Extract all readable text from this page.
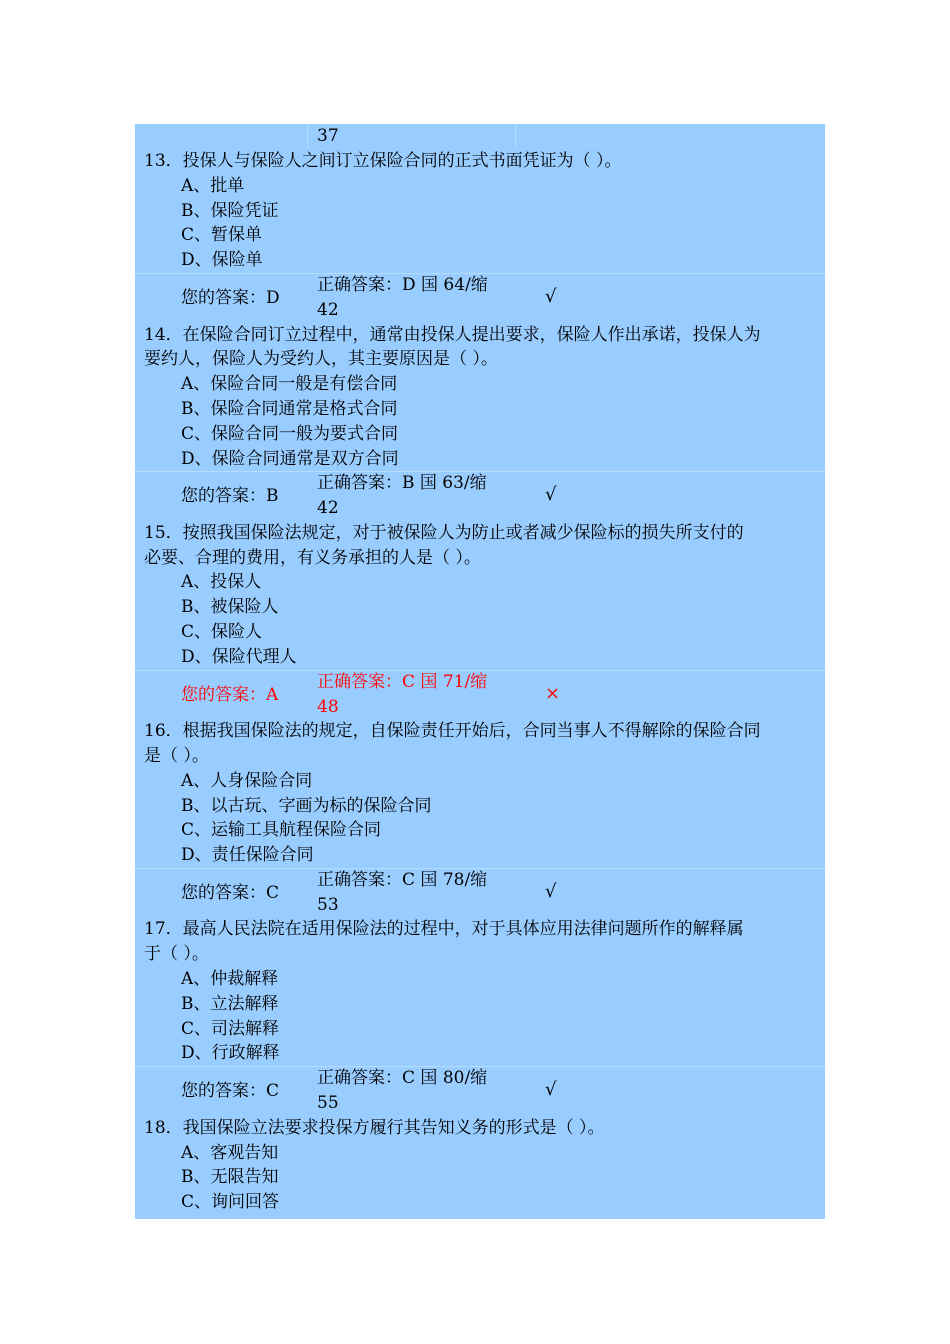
37
13．投保人与保险人之间订立保险合同的正式书面凭证为（ ）。
A、批单
B、保险凭证
C、暂保单
D、保险单
您的答案：D
正确答案：D 国 64/缩
42
√
14．在保险合同订立过程中，通常由投保人提出要求，保险人作出承诺，投保人为
要约人，保险人为受约人，其主要原因是（ ）。
A、保险合同一般是有偿合同
B、保险合同通常是格式合同
C、保险合同一般为要式合同
D、保险合同通常是双方合同
您的答案：B
正确答案：B 国 63/缩
42
√
15．按照我国保险法规定，对于被保险人为防止或者减少保险标的损失所支付的
必要、合理的费用，有义务承担的人是（ ）。
A、投保人
B、被保险人
C、保险人
D、保险代理人
您的答案：A
正确答案：C 国 71/缩
48
×
16．根据我国保险法的规定，自保险责任开始后，合同当事人不得解除的保险合同
是（ ）。
A、人身保险合同
B、以古玩、字画为标的保险合同
C、运输工具航程保险合同
D、责任保险合同
您的答案：C
正确答案：C 国 78/缩
53
√
17．最高人民法院在适用保险法的过程中，对于具体应用法律问题所作的解释属
于（ ）。
A、仲裁解释
B、立法解释
C、司法解释
D、行政解释
您的答案：C
正确答案：C 国 80/缩
55
√
18．我国保险立法要求投保方履行其告知义务的形式是（ ）。
A、客观告知
B、无限告知
C、询问回答
